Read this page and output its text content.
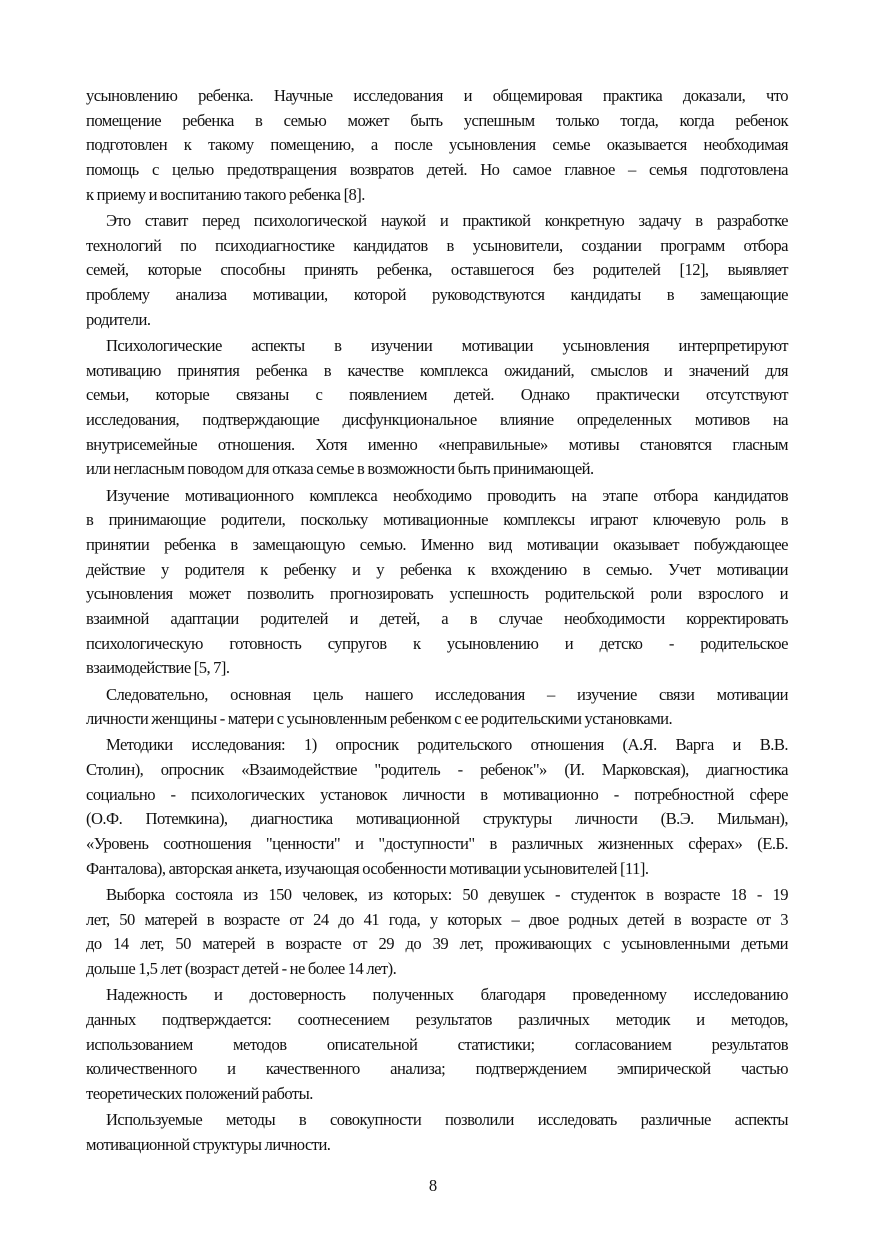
усыновлению ребенка. Научные исследования и общемировая практика доказали, что
помещение ребенка в семью может быть успешным только тогда, когда ребенок
подготовлен к такому помещению, а после усыновления семье оказывается необходимая
помощь с целью предотвращения возвратов детей. Но самое главное – семья подготовлена
к приему и воспитанию такого ребенка [8].
Это ставит перед психологической наукой и практикой конкретную задачу в разработке
технологий по психодиагностике кандидатов в усыновители, создании программ отбора
семей, которые способны принять ребенка, оставшегося без родителей [12], выявляет
проблему анализа мотивации, которой руководствуются кандидаты в замещающие
родители.
Психологические аспекты в изучении мотивации усыновления интерпретируют
мотивацию принятия ребенка в качестве комплекса ожиданий, смыслов и значений для
семьи, которые связаны с появлением детей. Однако практически отсутствуют
исследования, подтверждающие дисфункциональное влияние определенных мотивов на
внутрисемейные отношения. Хотя именно «неправильные» мотивы становятся гласным
или негласным поводом для отказа семье в возможности быть принимающей.
Изучение мотивационного комплекса необходимо проводить на этапе отбора кандидатов
в принимающие родители, поскольку мотивационные комплексы играют ключевую роль в
принятии ребенка в замещающую семью. Именно вид мотивации оказывает побуждающее
действие у родителя к ребенку и у ребенка к вхождению в семью. Учет мотивации
усыновления может позволить прогнозировать успешность родительской роли взрослого и
взаимной адаптации родителей и детей, а в случае необходимости корректировать
психологическую готовность супругов к усыновлению и детско - родительское
взаимодействие [5, 7].
Следовательно, основная цель нашего исследования – изучение связи мотивации
личности женщины - матери с усыновленным ребенком с ее родительскими установками.
Методики исследования: 1) опросник родительского отношения (А.Я. Варга и В.В.
Столин), опросник «Взаимодействие "родитель - ребенок"» (И. Марковская), диагностика
социально - психологических установок личности в мотивационно - потребностной сфере
(О.Ф. Потемкина), диагностика мотивационной структуры личности (В.Э. Мильман),
«Уровень соотношения "ценности" и "доступности" в различных жизненных сферах» (Е.Б.
Фанталова), авторская анкета, изучающая особенности мотивации усыновителей [11].
Выборка состояла из 150 человек, из которых: 50 девушек - студенток в возрасте 18 - 19
лет, 50 матерей в возрасте от 24 до 41 года, у которых – двое родных детей в возрасте от 3
до 14 лет, 50 матерей в возрасте от 29 до 39 лет, проживающих с усыновленными детьми
дольше 1,5 лет (возраст детей - не более 14 лет).
Надежность и достоверность полученных благодаря проведенному исследованию
данных подтверждается: соотнесением результатов различных методик и методов,
использованием методов описательной статистики; согласованием результатов
количественного и качественного анализа; подтверждением эмпирической частью
теоретических положений работы.
Используемые методы в совокупности позволили исследовать различные аспекты
мотивационной структуры личности.
8
